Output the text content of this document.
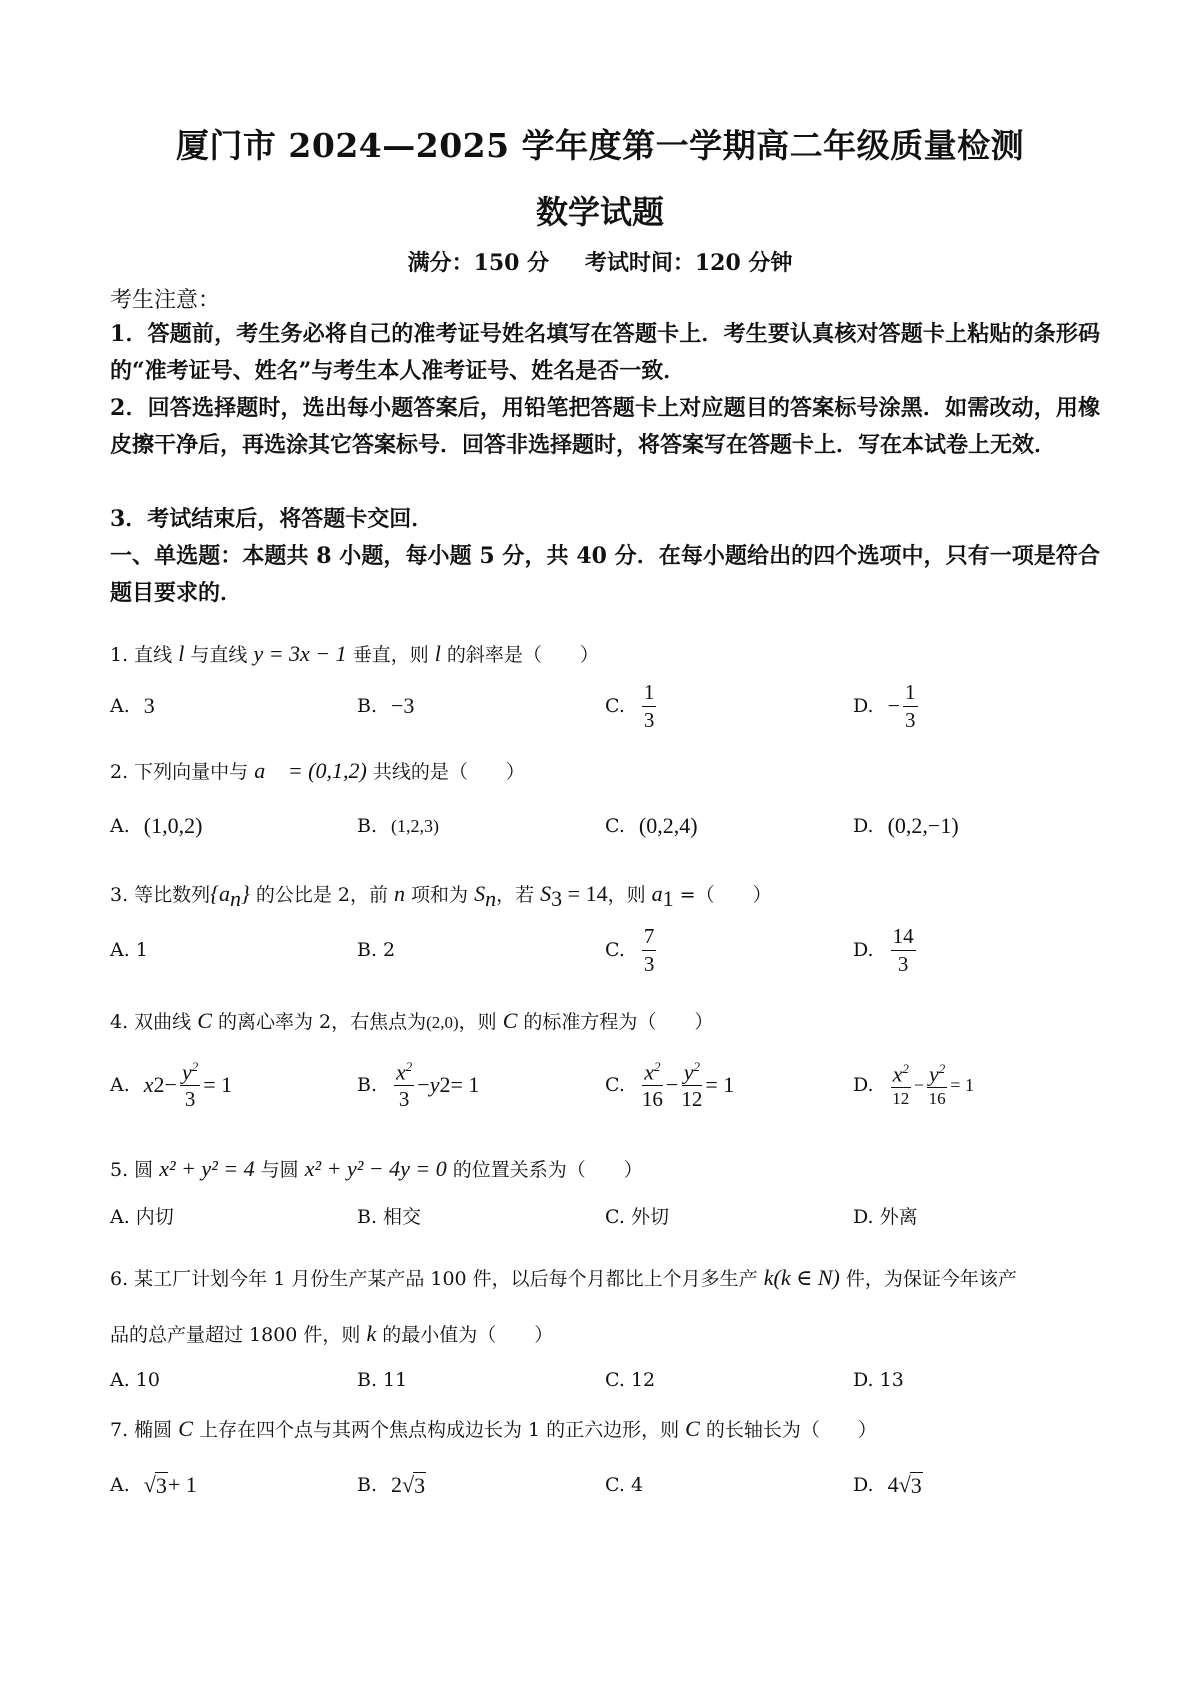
厦门市 2024—2025 学年度第一学期高二年级质量检测
数学试题
满分：150 分 考试时间：120 分钟
考生注意：
1．答题前，考生务必将自己的准考证号姓名填写在答题卡上．考生要认真核对答题卡上粘贴的条形码的“准考证号、姓名”与考生本人准考证号、姓名是否一致．
2．回答选择题时，选出每小题答案后，用铅笔把答题卡上对应题目的答案标号涂黑．如需改动，用橡皮擦干净后，再选涂其它答案标号．回答非选择题时，将答案写在答题卡上．写在本试卷上无效．
3．考试结束后，将答题卡交回．
一、单选题：本题共 8 小题，每小题 5 分，共 40 分．在每小题给出的四个选项中，只有一项是符合题目要求的．
1. 直线 l 与直线 y = 3x − 1 垂直，则 l 的斜率是（　　）
A. 3	B. −3	C. $\frac{1}{3}$	D. − $\frac{1}{3}$
2. 下列向量中与 a⃗ = (0,1,2) 共线的是（　　）
A. (1,0,2)	B. (1,2,3)	C. (0,2,4)	D. (0,2,−1)
3. 等比数列$\{a_n\}$ 的公比是 2，前 n 项和为 $S_n$，若 $S_3 = 14$，则 $a_1$ =（　　）
A. 1	B. 2	C. $\frac{7}{3}$	D. $\frac{14}{3}$
4. 双曲线 C 的离心率为 2，右焦点为(2,0)，则 C 的标准方程为（　　）
A. x $2 - \frac{y^2}{3} = 1$	B. $\frac{x^2}{3} - y$ 2 = 1	C. $\frac{x^2}{16} - \frac{y^2}{12} = 1$	D. $\frac{x^2}{12} - \frac{y^2}{16} = 1$
5. 圆 x² + y² = 4 与圆 x² + y² − 4y = 0 的位置关系为（　　）
A. 内切	B. 相交	C. 外切	D. 外离
6. 某工厂计划今年 1 月份生产某产品 100 件，以后每个月都比上个月多生产 k(k ∈ N) 件，为保证今年该产
品的总产量超过 1800 件，则 k 的最小值为（　　）
A. 10	B. 11	C. 12	D. 13
7. 椭圆 C 上存在四个点与其两个焦点构成边长为 1 的正六边形，则 C 的长轴长为（　　）
A. √ 3 + 1	B. 2 √ 3	C. 4	D. 4 √ 3
